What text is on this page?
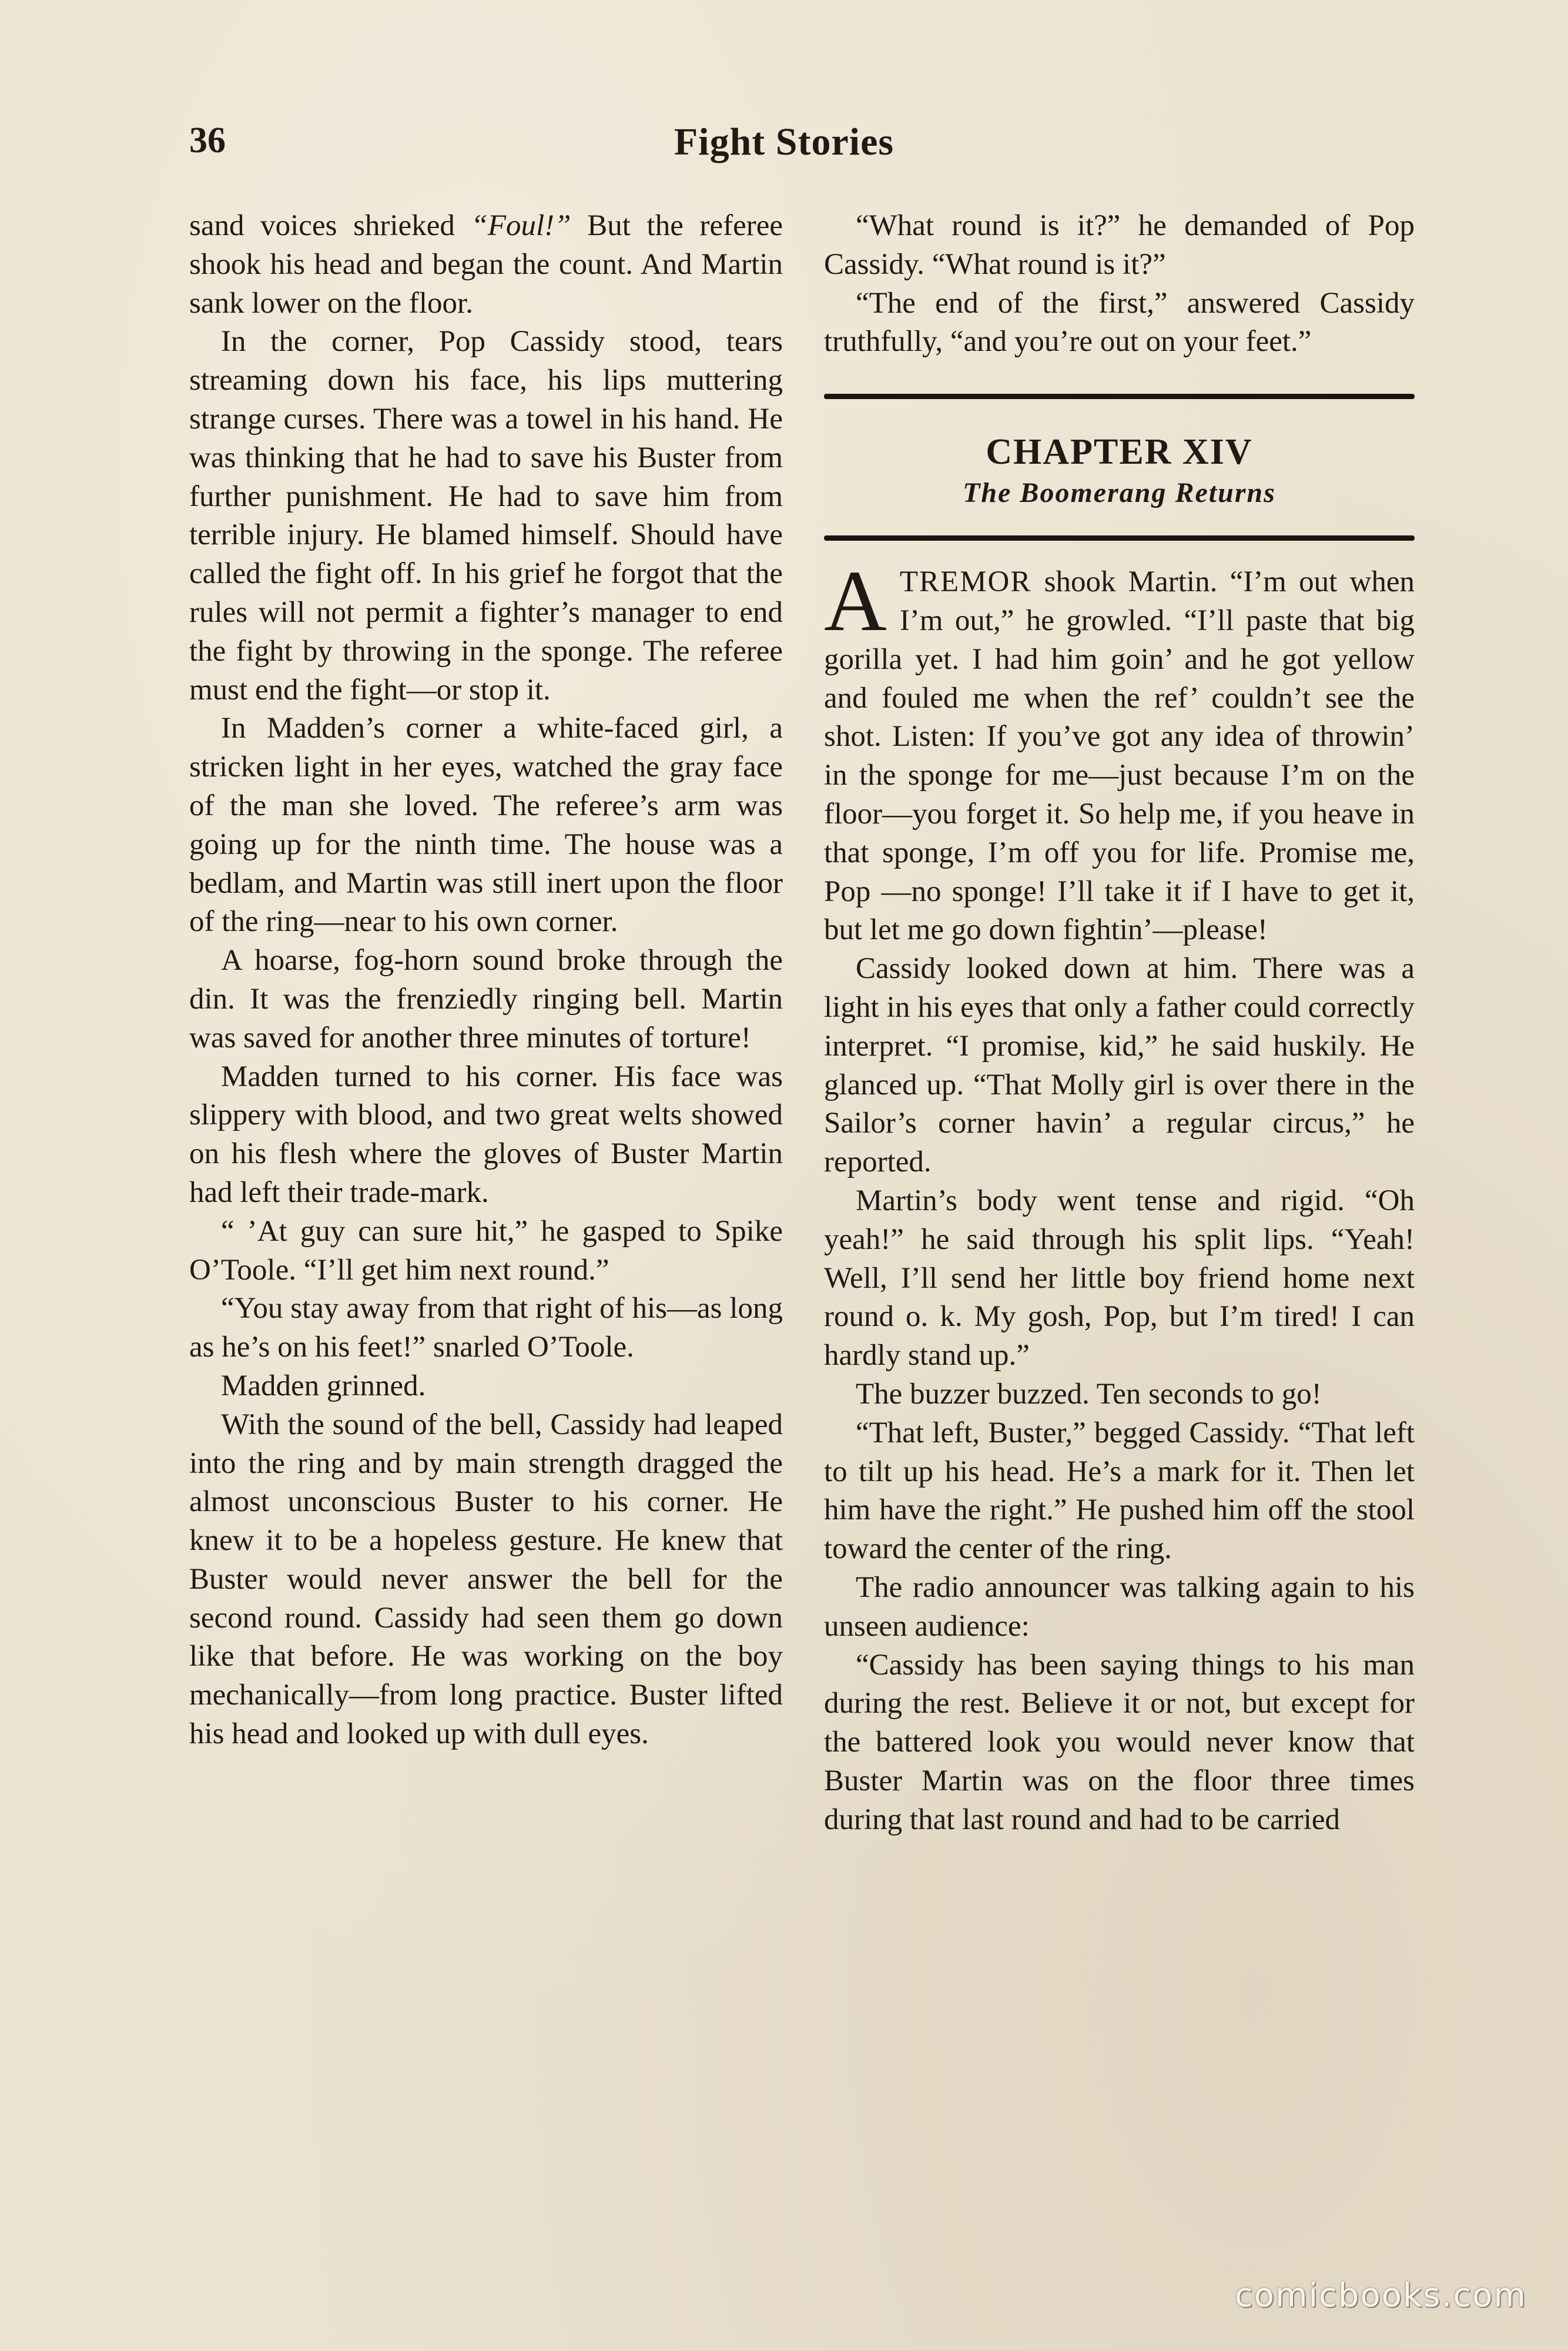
36	Fight Stories

sand voices shrieked “Foul!” But the referee shook his head and began the count. And Martin sank lower on the floor.

In the corner, Pop Cassidy stood, tears streaming down his face, his lips muttering strange curses. There was a towel in his hand. He was thinking that he had to save his Buster from further punishment. He had to save him from terrible injury. He blamed himself. Should have called the fight off. In his grief he forgot that the rules will not permit a fighter’s manager to end the fight by throwing in the sponge. The referee must end the fight—or stop it.

In Madden’s corner a white-faced girl, a stricken light in her eyes, watched the gray face of the man she loved. The referee’s arm was going up for the ninth time. The house was a bedlam, and Martin was still inert upon the floor of the ring—near to his own corner.

A hoarse, fog-horn sound broke through the din. It was the frenziedly ringing bell. Martin was saved for another three minutes of torture!

Madden turned to his corner. His face was slippery with blood, and two great welts showed on his flesh where the gloves of Buster Martin had left their trade-mark.

“ ’At guy can sure hit,” he gasped to Spike O’Toole. “I’ll get him next round.”

“You stay away from that right of his—as long as he’s on his feet!” snarled O’Toole.

Madden grinned.

With the sound of the bell, Cassidy had leaped into the ring and by main strength dragged the almost unconscious Buster to his corner. He knew it to be a hopeless gesture. He knew that Buster would never answer the bell for the second round. Cassidy had seen them go down like that before. He was working on the boy mechanically—from long practice. Buster lifted his head and looked up with dull eyes.

“What round is it?” he demanded of Pop Cassidy. “What round is it?”

“The end of the first,” answered Cassidy truthfully, “and you’re out on your feet.”

CHAPTER XIV
The Boomerang Returns

ATREMOR shook Martin. “I’m out when I’m out,” he growled. “I’ll paste that big gorilla yet. I had him goin’ and he got yellow and fouled me when the ref’ couldn’t see the shot. Listen: If you’ve got any idea of throwin’ in the sponge for me—just because I’m on the floor—you forget it. So help me, if you heave in that sponge, I’m off you for life. Promise me, Pop —no sponge! I’ll take it if I have to get it, but let me go down fightin’—please!

Cassidy looked down at him. There was a light in his eyes that only a father could correctly interpret. “I promise, kid,” he said huskily. He glanced up. “That Molly girl is over there in the Sailor’s corner havin’ a regular circus,” he reported.

Martin’s body went tense and rigid. “Oh yeah!” he said through his split lips. “Yeah! Well, I’ll send her little boy friend home next round o. k. My gosh, Pop, but I’m tired! I can hardly stand up.”

The buzzer buzzed. Ten seconds to go!

“That left, Buster,” begged Cassidy. “That left to tilt up his head. He’s a mark for it. Then let him have the right.” He pushed him off the stool toward the center of the ring.

The radio announcer was talking again to his unseen audience:

“Cassidy has been saying things to his man during the rest. Believe it or not, but except for the battered look you would never know that Buster Martin was on the floor three times during that last round and had to be carried

comicbooks.com
